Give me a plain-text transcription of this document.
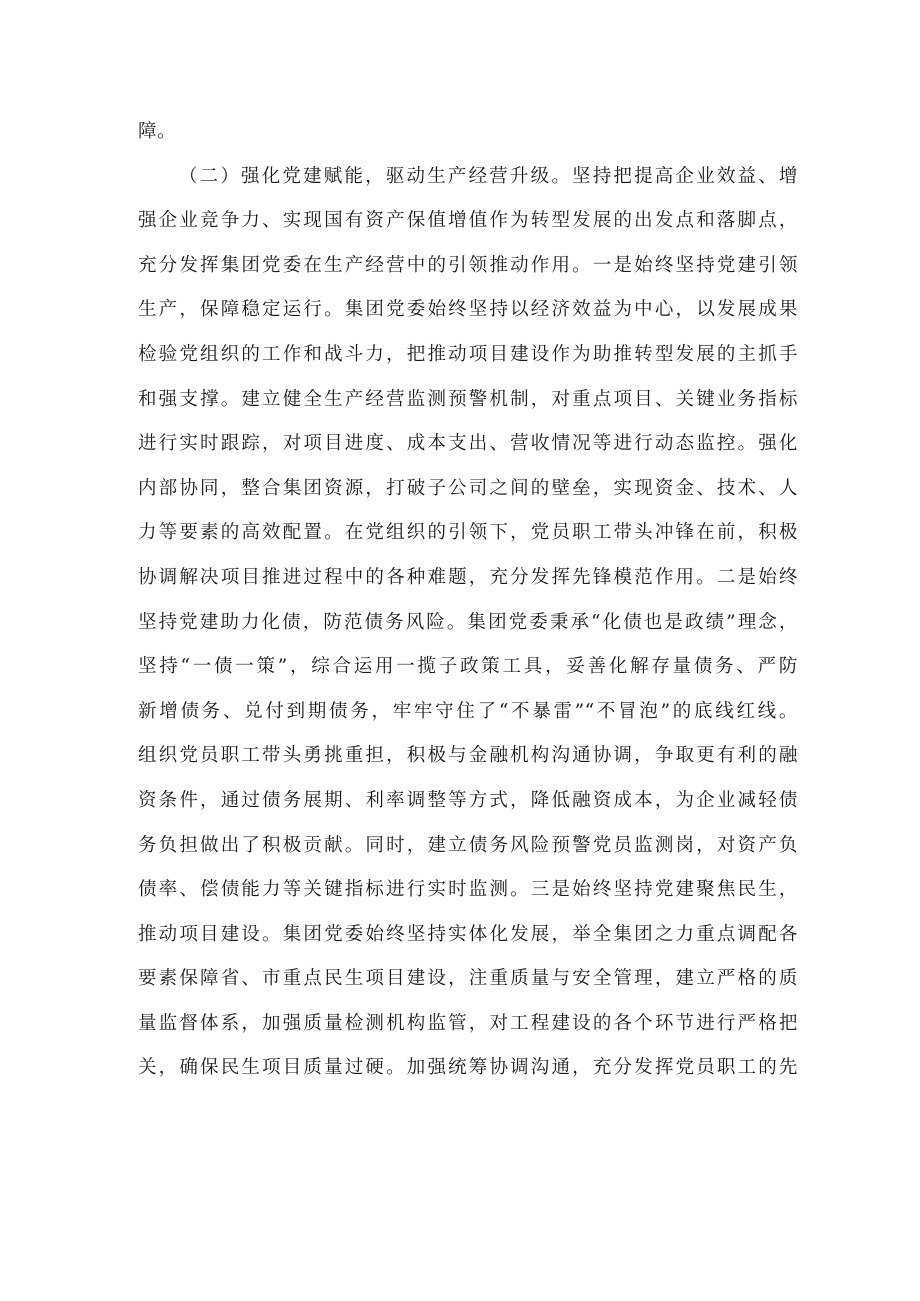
障。
（二）强化党建赋能，驱动生产经营升级。坚持把提高企业效益、增
强企业竞争力、实现国有资产保值增值作为转型发展的出发点和落脚点，
充分发挥集团党委在生产经营中的引领推动作用。一是始终坚持党建引领
生产，保障稳定运行。集团党委始终坚持以经济效益为中心，以发展成果
检验党组织的工作和战斗力，把推动项目建设作为助推转型发展的主抓手
和强支撑。建立健全生产经营监测预警机制，对重点项目、关键业务指标
进行实时跟踪，对项目进度、成本支出、营收情况等进行动态监控。强化
内部协同，整合集团资源，打破子公司之间的壁垒，实现资金、技术、人
力等要素的高效配置。在党组织的引领下，党员职工带头冲锋在前，积极
协调解决项目推进过程中的各种难题，充分发挥先锋模范作用。二是始终
坚持党建助力化债，防范债务风险。集团党委秉承“化债也是政绩”理念，
坚持“一债一策”，综合运用一揽子政策工具，妥善化解存量债务、严防
新增债务、兑付到期债务，牢牢守住了“不暴雷”“不冒泡”的底线红线。
组织党员职工带头勇挑重担，积极与金融机构沟通协调，争取更有利的融
资条件，通过债务展期、利率调整等方式，降低融资成本，为企业减轻债
务负担做出了积极贡献。同时，建立债务风险预警党员监测岗，对资产负
债率、偿债能力等关键指标进行实时监测。三是始终坚持党建聚焦民生，
推动项目建设。集团党委始终坚持实体化发展，举全集团之力重点调配各
要素保障省、市重点民生项目建设，注重质量与安全管理，建立严格的质
量监督体系，加强质量检测机构监管，对工程建设的各个环节进行严格把
关，确保民生项目质量过硬。加强统筹协调沟通，充分发挥党员职工的先
